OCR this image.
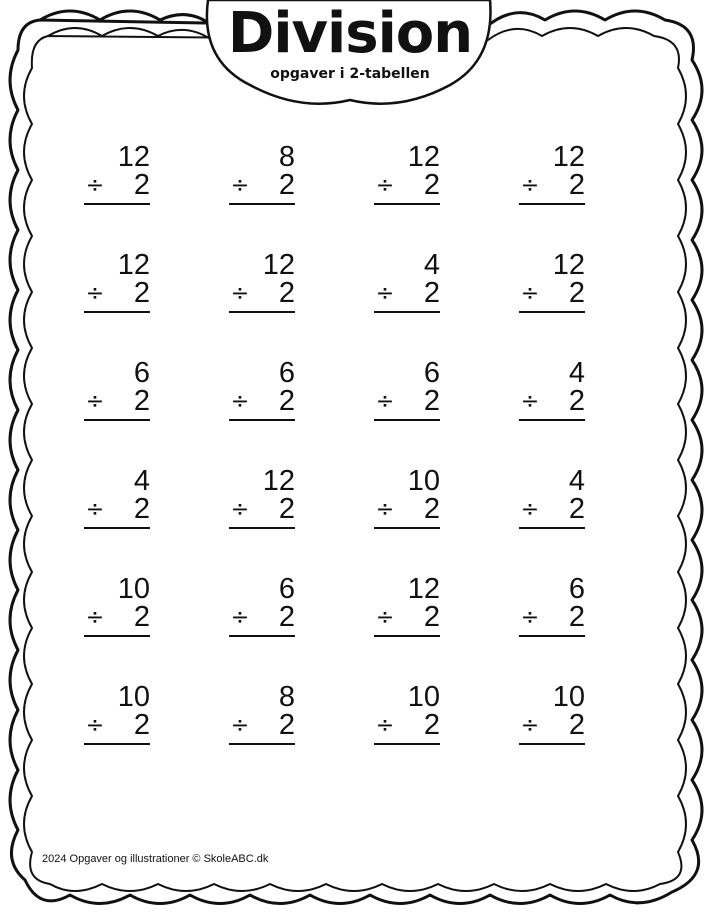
Division
opgaver i 2-tabellen
12
÷ 2
8
÷ 2
12
÷ 2
12
÷ 2
12
÷ 2
12
÷ 2
4
÷ 2
12
÷ 2
6
÷ 2
6
÷ 2
6
÷ 2
4
÷ 2
4
÷ 2
12
÷ 2
10
÷ 2
4
÷ 2
10
÷ 2
6
÷ 2
12
÷ 2
6
÷ 2
10
÷ 2
8
÷ 2
10
÷ 2
10
÷ 2
2024 Opgaver og illustrationer © SkoleABC.dk
